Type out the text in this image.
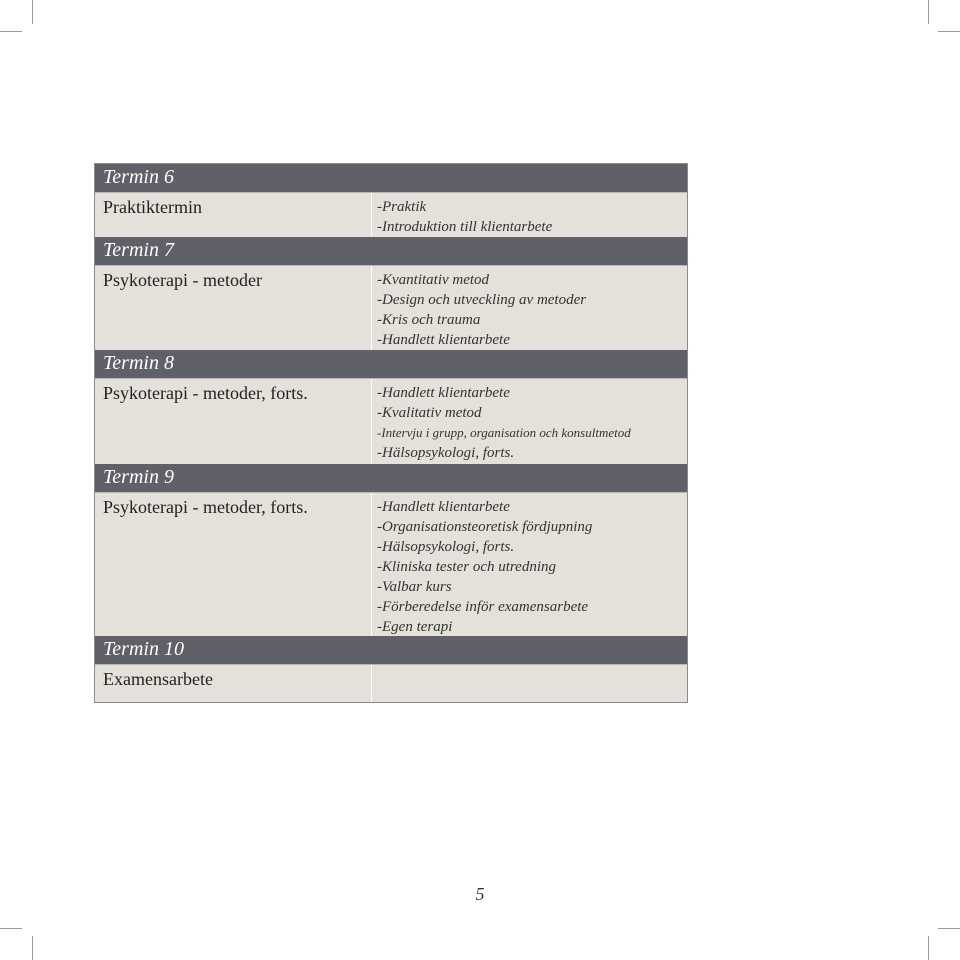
Termin 6
Praktiktermin	-Praktik
-Introduktion till klientarbete
Termin 7
Psykoterapi - metoder	-Kvantitativ metod
-Design och utveckling av metoder
-Kris och trauma
-Handlett klientarbete
Termin 8
Psykoterapi - metoder, forts.	-Handlett klientarbete
-Kvalitativ metod
-Intervju i grupp, organisation och konsultmetod
-Hälsopsykologi, forts.
Termin 9
Psykoterapi - metoder, forts.	-Handlett klientarbete
-Organisationsteoretisk fördjupning
-Hälsopsykologi, forts.
-Kliniska tester och utredning
-Valbar kurs
-Förberedelse inför examensarbete
-Egen terapi
Termin 10
Examensarbete
5
